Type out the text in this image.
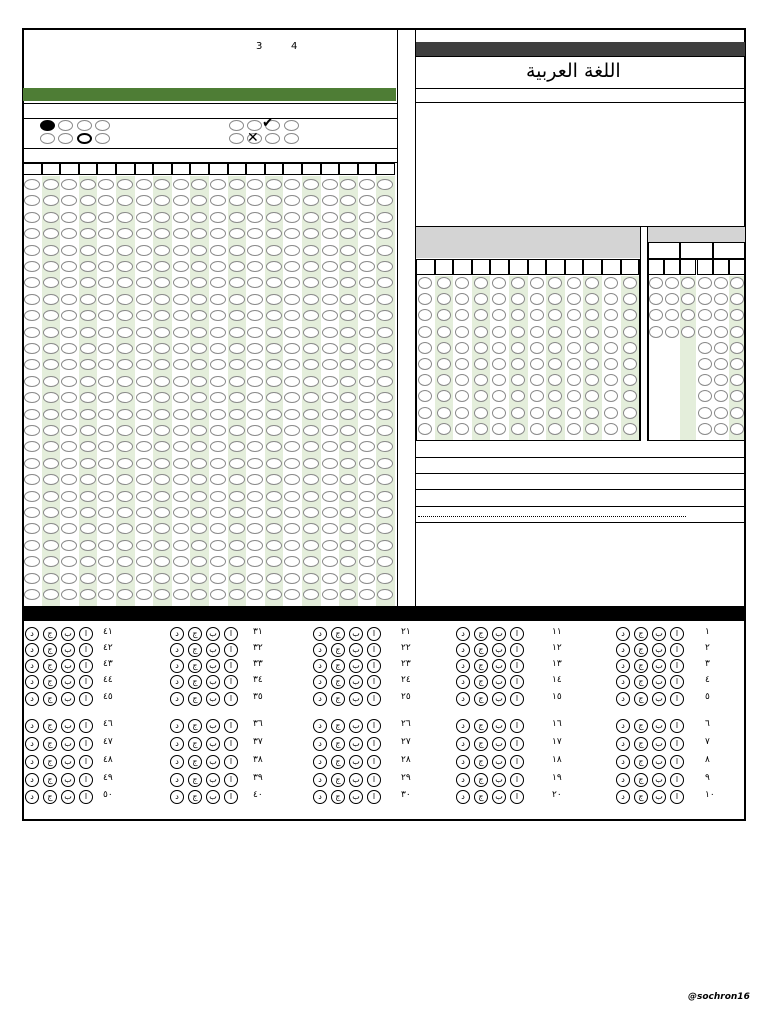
3	4
✔
✕
اللغة العربية
٤١
ا
ب
ج
د
٤٢
ا
ب
ج
د
٤٣
ا
ب
ج
د
٤٤
ا
ب
ج
د
٤٥
ا
ب
ج
د
٤٦
ا
ب
ج
د
٤٧
ا
ب
ج
د
٤٨
ا
ب
ج
د
٤٩
ا
ب
ج
د
٥٠
ا
ب
ج
د
٣١
ا
ب
ج
د
٣٢
ا
ب
ج
د
٣٣
ا
ب
ج
د
٣٤
ا
ب
ج
د
٣٥
ا
ب
ج
د
٣٦
ا
ب
ج
د
٣٧
ا
ب
ج
د
٣٨
ا
ب
ج
د
٣٩
ا
ب
ج
د
٤٠
ا
ب
ج
د
٢١
ا
ب
ج
د
٢٢
ا
ب
ج
د
٢٣
ا
ب
ج
د
٢٤
ا
ب
ج
د
٢٥
ا
ب
ج
د
٢٦
ا
ب
ج
د
٢٧
ا
ب
ج
د
٢٨
ا
ب
ج
د
٢٩
ا
ب
ج
د
٣٠
ا
ب
ج
د
١١
ا
ب
ج
د
١٢
ا
ب
ج
د
١٣
ا
ب
ج
د
١٤
ا
ب
ج
د
١٥
ا
ب
ج
د
١٦
ا
ب
ج
د
١٧
ا
ب
ج
د
١٨
ا
ب
ج
د
١٩
ا
ب
ج
د
٢٠
ا
ب
ج
د
١
ا
ب
ج
د
٢
ا
ب
ج
د
٣
ا
ب
ج
د
٤
ا
ب
ج
د
٥
ا
ب
ج
د
٦
ا
ب
ج
د
٧
ا
ب
ج
د
٨
ا
ب
ج
د
٩
ا
ب
ج
د
١٠
ا
ب
ج
د
@sochron16
